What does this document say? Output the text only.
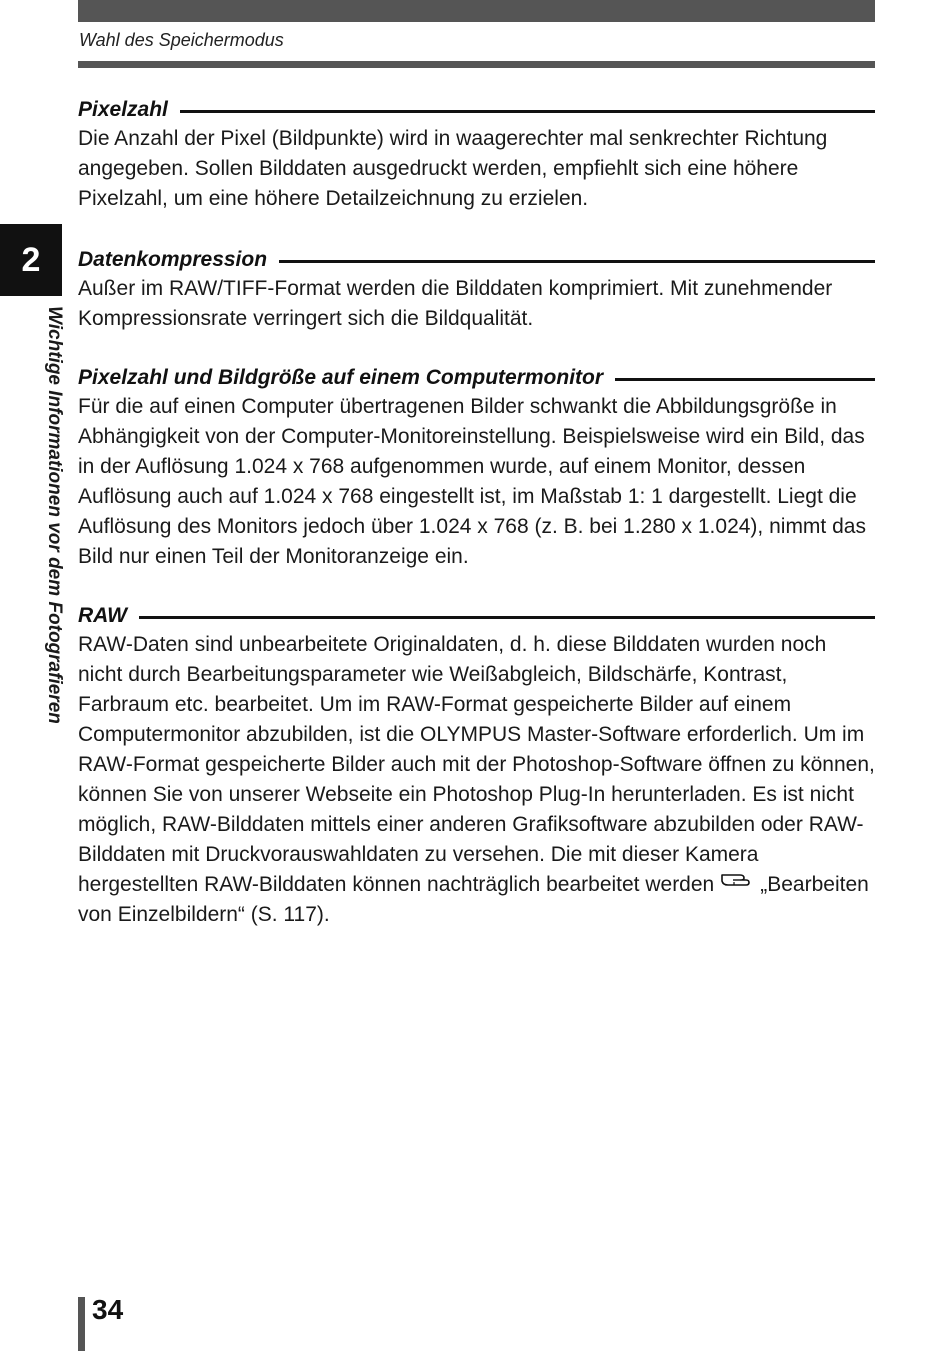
Wahl des Speichermodus
2
Wichtige Informationen vor dem Fotografieren
Pixelzahl

Die Anzahl der Pixel (Bildpunkte) wird in waagerechter mal senkrechter Richtung angegeben. Sollen Bilddaten ausgedruckt werden, empfiehlt sich eine höhere Pixelzahl, um eine höhere Detailzeichnung zu erzielen.

Datenkompression

Außer im RAW/TIFF-Format werden die Bilddaten komprimiert. Mit zunehmender Kompressionsrate verringert sich die Bildqualität.

Pixelzahl und Bildgröße auf einem Computermonitor

Für die auf einen Computer übertragenen Bilder schwankt die Abbildungsgröße in Abhängigkeit von der Computer-Monitoreinstellung. Beispielsweise wird ein Bild, das in der Auflösung 1.024 x 768 aufgenommen wurde, auf einem Monitor, dessen Auflösung auch auf 1.024 x 768 eingestellt ist, im Maßstab 1: 1 dargestellt. Liegt die Auflösung des Monitors jedoch über 1.024 x 768 (z. B. bei 1.280 x 1.024), nimmt das Bild nur einen Teil der Monitoranzeige ein.

RAW

RAW-Daten sind unbearbeitete Originaldaten, d. h. diese Bilddaten wurden noch nicht durch Bearbeitungsparameter wie Weißabgleich, Bildschärfe, Kontrast, Farbraum etc. bearbeitet. Um im RAW-Format gespeicherte Bilder auf einem Computermonitor abzubilden, ist die OLYMPUS Master-Software erforderlich. Um im RAW-Format gespeicherte Bilder auch mit der Photoshop-Software öffnen zu können, können Sie von unserer Webseite ein Photoshop Plug-In herunterladen. Es ist nicht möglich, RAW-Bilddaten mittels einer anderen Grafiksoftware abzubilden oder RAW-Bilddaten mit Druckvorauswahldaten zu versehen. Die mit dieser Kamera hergestellten RAW-Bilddaten können nachträglich bearbeitet werden „Bearbeiten von Einzelbildern“ (S. 117).

34
